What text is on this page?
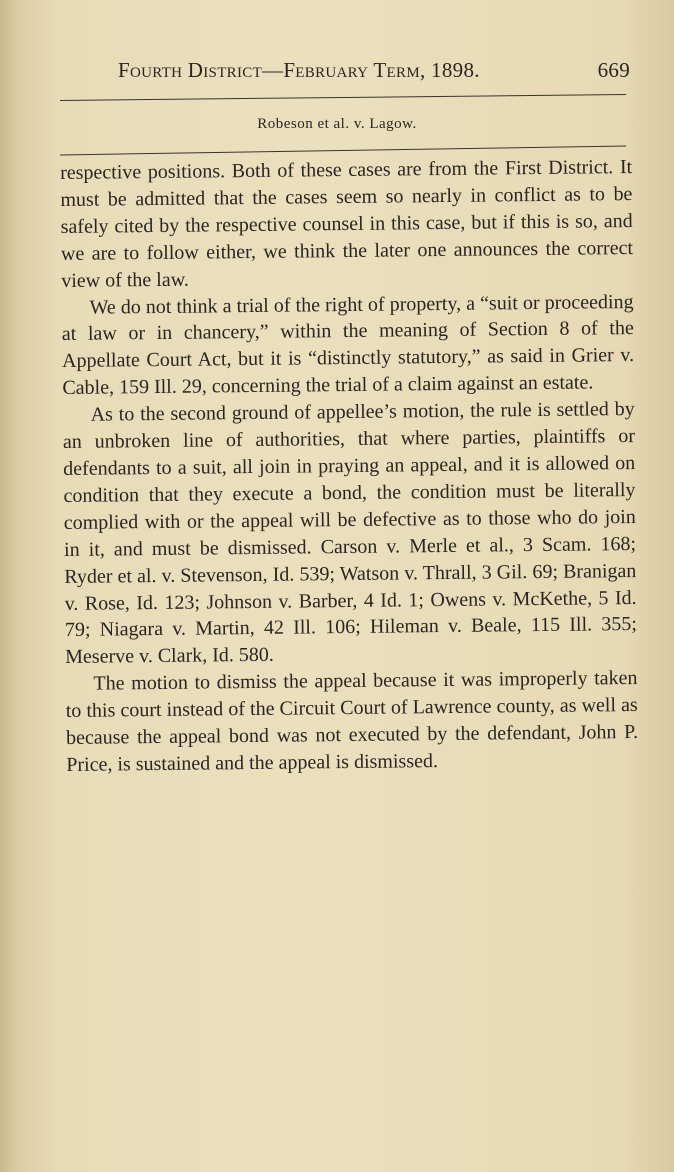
Fourth District—February Term, 1898.	669
Robeson et al. v. Lagow.

respective positions. Both of these cases are from the First District. It must be admitted that the cases seem so nearly in conflict as to be safely cited by the respective counsel in this case, but if this is so, and we are to follow either, we think the later one announces the correct view of the law.

We do not think a trial of the right of property, a “suit or proceeding at law or in chancery,” within the meaning of Section 8 of the Appellate Court Act, but it is “distinctly statutory,” as said in Grier v. Cable, 159 Ill. 29, concerning the trial of a claim against an estate.

As to the second ground of appellee’s motion, the rule is settled by an unbroken line of authorities, that where parties, plaintiffs or defendants to a suit, all join in praying an appeal, and it is allowed on condition that they execute a bond, the condition must be literally complied with or the appeal will be defective as to those who do join in it, and must be dismissed. Carson v. Merle et al., 3 Scam. 168; Ryder et al. v. Stevenson, Id. 539; Watson v. Thrall, 3 Gil. 69; Branigan v. Rose, Id. 123; Johnson v. Barber, 4 Id. 1; Owens v. McKethe, 5 Id. 79; Niagara v. Martin, 42 Ill. 106; Hileman v. Beale, 115 Ill. 355; Meserve v. Clark, Id. 580.

The motion to dismiss the appeal because it was improperly taken to this court instead of the Circuit Court of Lawrence county, as well as because the appeal bond was not executed by the defendant, John P. Price, is sustained and the appeal is dismissed.
